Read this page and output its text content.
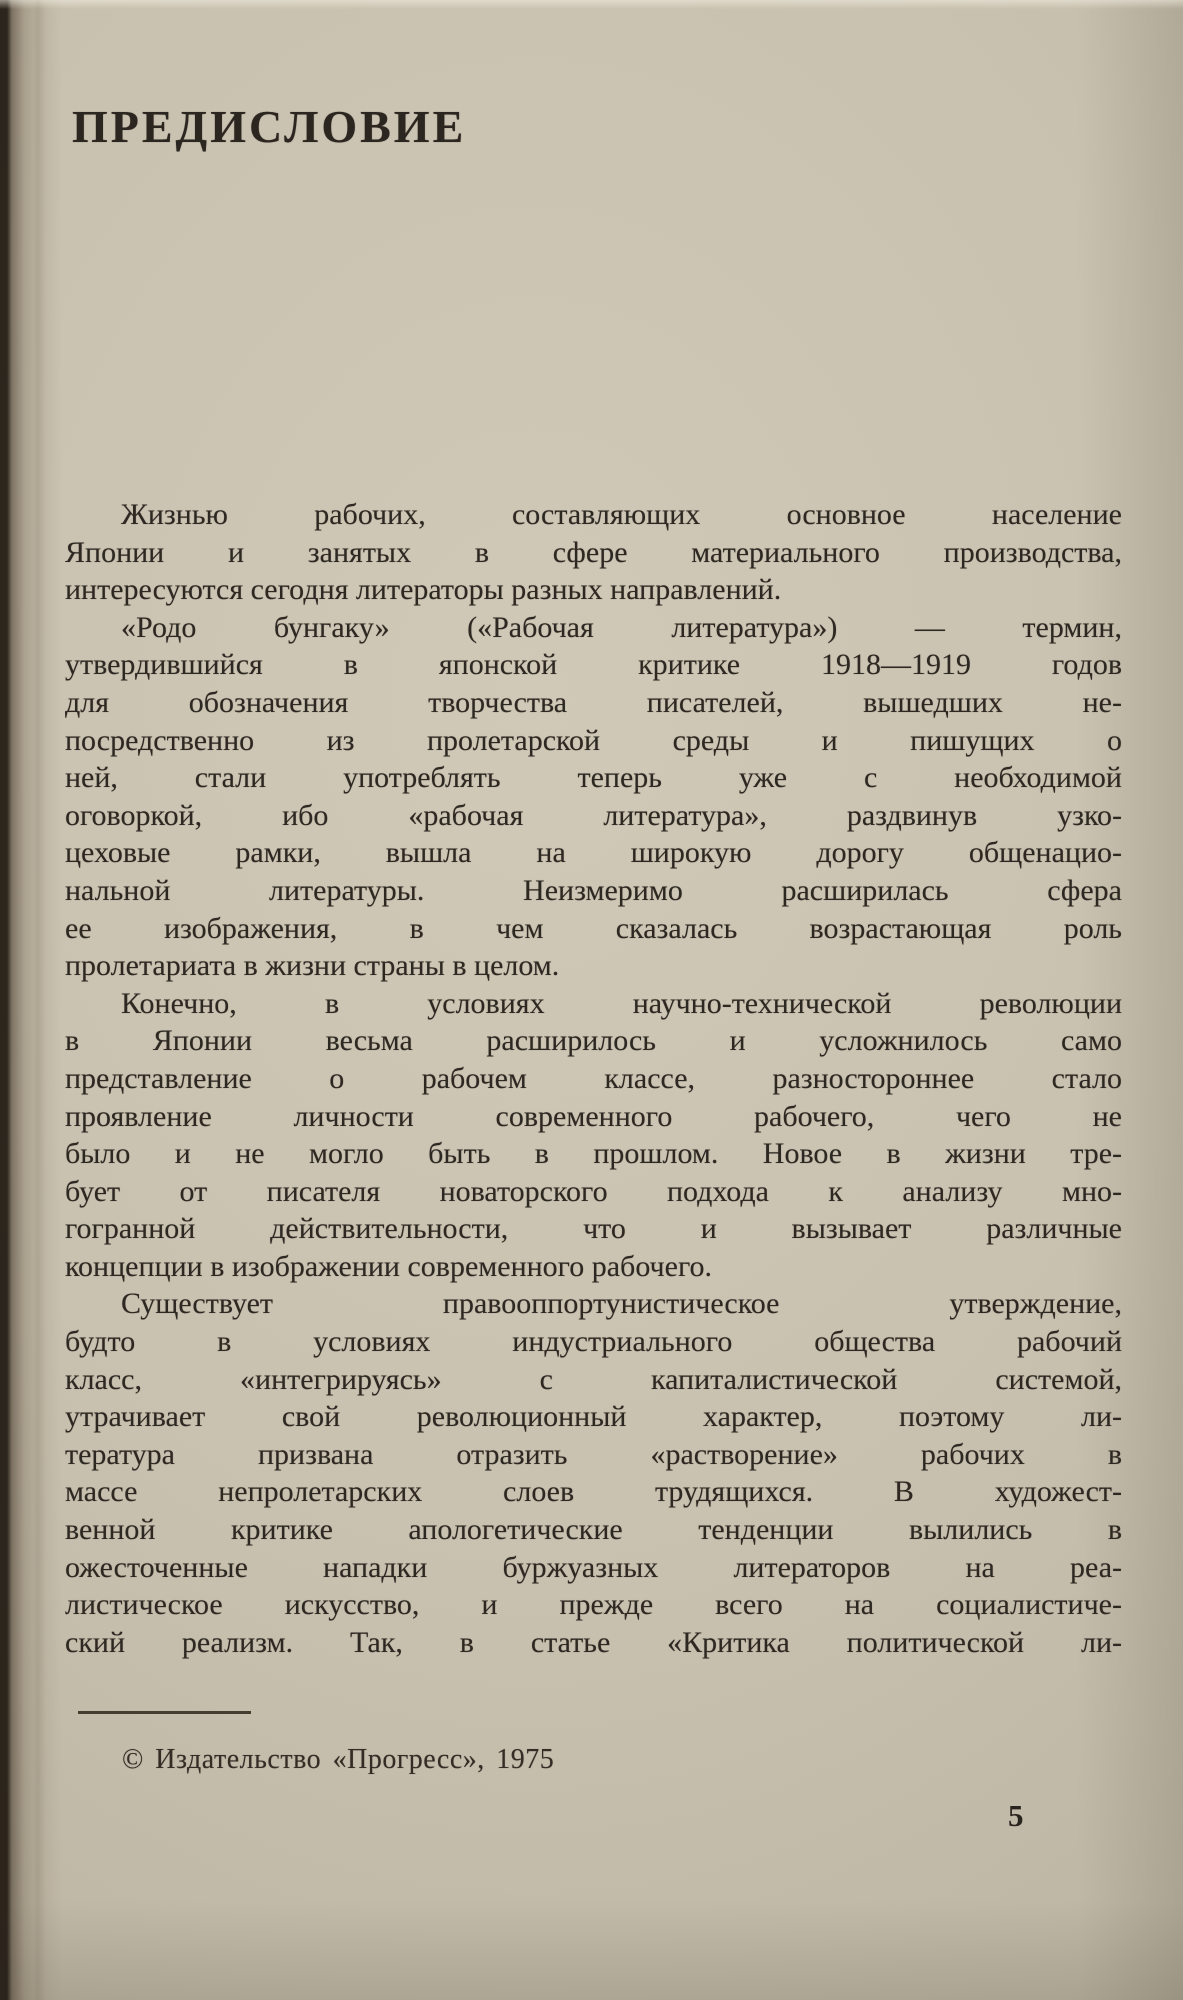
ПРЕДИСЛОВИЕ
Жизнью рабочих, составляющих основное население
Японии и занятых в сфере материального производства,
интересуются сегодня литераторы разных направлений.
«Родо бунгаку» («Рабочая литература») — термин,
утвердившийся в японской критике 1918—1919 годов
для обозначения творчества писателей, вышедших не-
посредственно из пролетарской среды и пишущих о
ней, стали употреблять теперь уже с необходимой
оговоркой, ибо «рабочая литература», раздвинув узко-
цеховые рамки, вышла на широкую дорогу общенацио-
нальной литературы. Неизмеримо расширилась сфера
ее изображения, в чем сказалась возрастающая роль
пролетариата в жизни страны в целом.
Конечно, в условиях научно-технической революции
в Японии весьма расширилось и усложнилось само
представление о рабочем классе, разностороннее стало
проявление личности современного рабочего, чего не
было и не могло быть в прошлом. Новое в жизни тре-
бует от писателя новаторского подхода к анализу мно-
гогранной действительности, что и вызывает различные
концепции в изображении современного рабочего.
Существует правооппортунистическое утверждение,
будто в условиях индустриального общества рабочий
класс, «интегрируясь» с капиталистической системой,
утрачивает свой революционный характер, поэтому ли-
тература призвана отразить «растворение» рабочих в
массе непролетарских слоев трудящихся. В художест-
венной критике апологетические тенденции вылились в
ожесточенные нападки буржуазных литераторов на реа-
листическое искусство, и прежде всего на социалистиче-
ский реализм. Так, в статье «Критика политической ли-
© Издательство «Прогресс», 1975
5
